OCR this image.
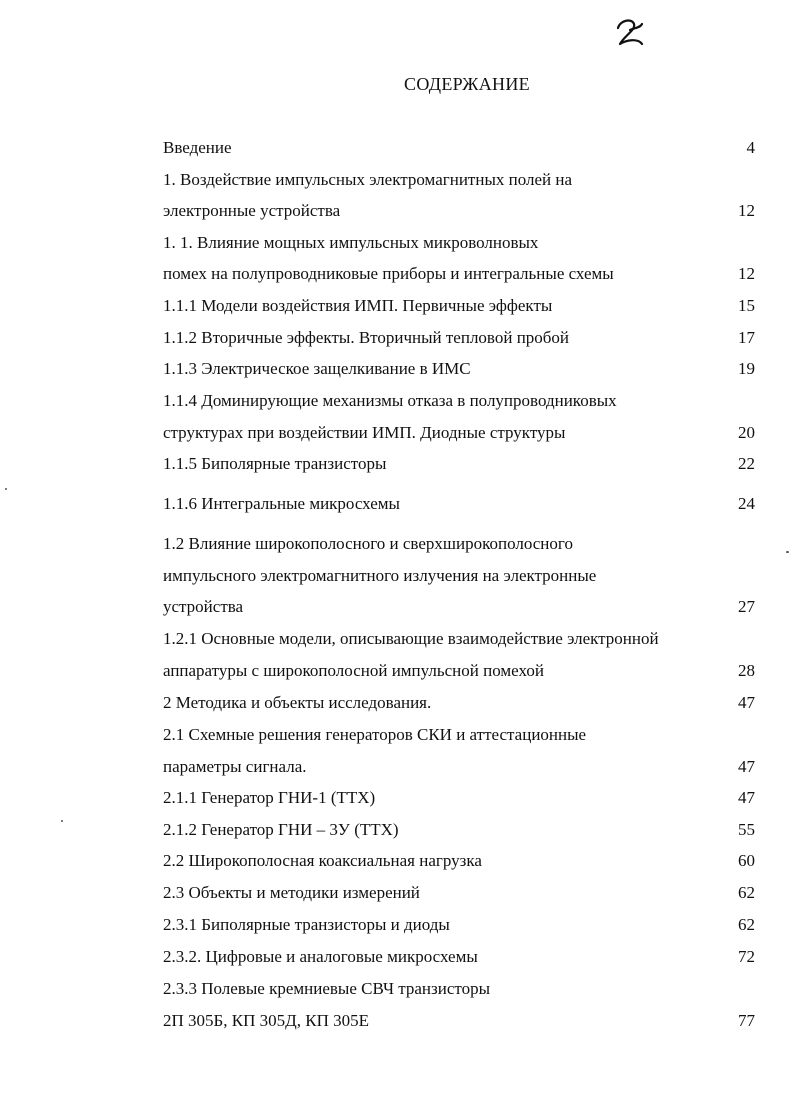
СОДЕРЖАНИЕ
Введение	4
1. Воздействие импульсных электромагнитных полей на
электронные устройства	12
1. 1. Влияние мощных импульсных микроволновых
помех на полупроводниковые приборы и интегральные схемы	12
1.1.1 Модели воздействия ИМП. Первичные эффекты	15
1.1.2 Вторичные эффекты. Вторичный тепловой пробой	17
1.1.3 Электрическое защелкивание в ИМС	19
1.1.4 Доминирующие механизмы отказа в полупроводниковых
структурах при воздействии ИМП. Диодные структуры	20
1.1.5 Биполярные транзисторы	22
1.1.6 Интегральные микросхемы	24
1.2 Влияние широкополосного и сверхширокополосного
импульсного электромагнитного излучения на электронные
устройства	27
1.2.1 Основные модели, описывающие взаимодействие электронной
аппаратуры с широкополосной импульсной помехой	28
2 Методика и объекты исследования.	47
2.1 Схемные решения генераторов СКИ и аттестационные
параметры сигнала.	47
2.1.1 Генератор ГНИ-1 (ТТХ)	47
2.1.2 Генератор ГНИ – 3У (ТТХ)	55
2.2 Широкополосная коаксиальная нагрузка	60
2.3 Объекты и методики измерений	62
2.3.1 Биполярные транзисторы и диоды	62
2.3.2. Цифровые и аналоговые микросхемы	72
2.3.3 Полевые кремниевые СВЧ транзисторы
2П 305Б, КП 305Д, КП 305Е	77
